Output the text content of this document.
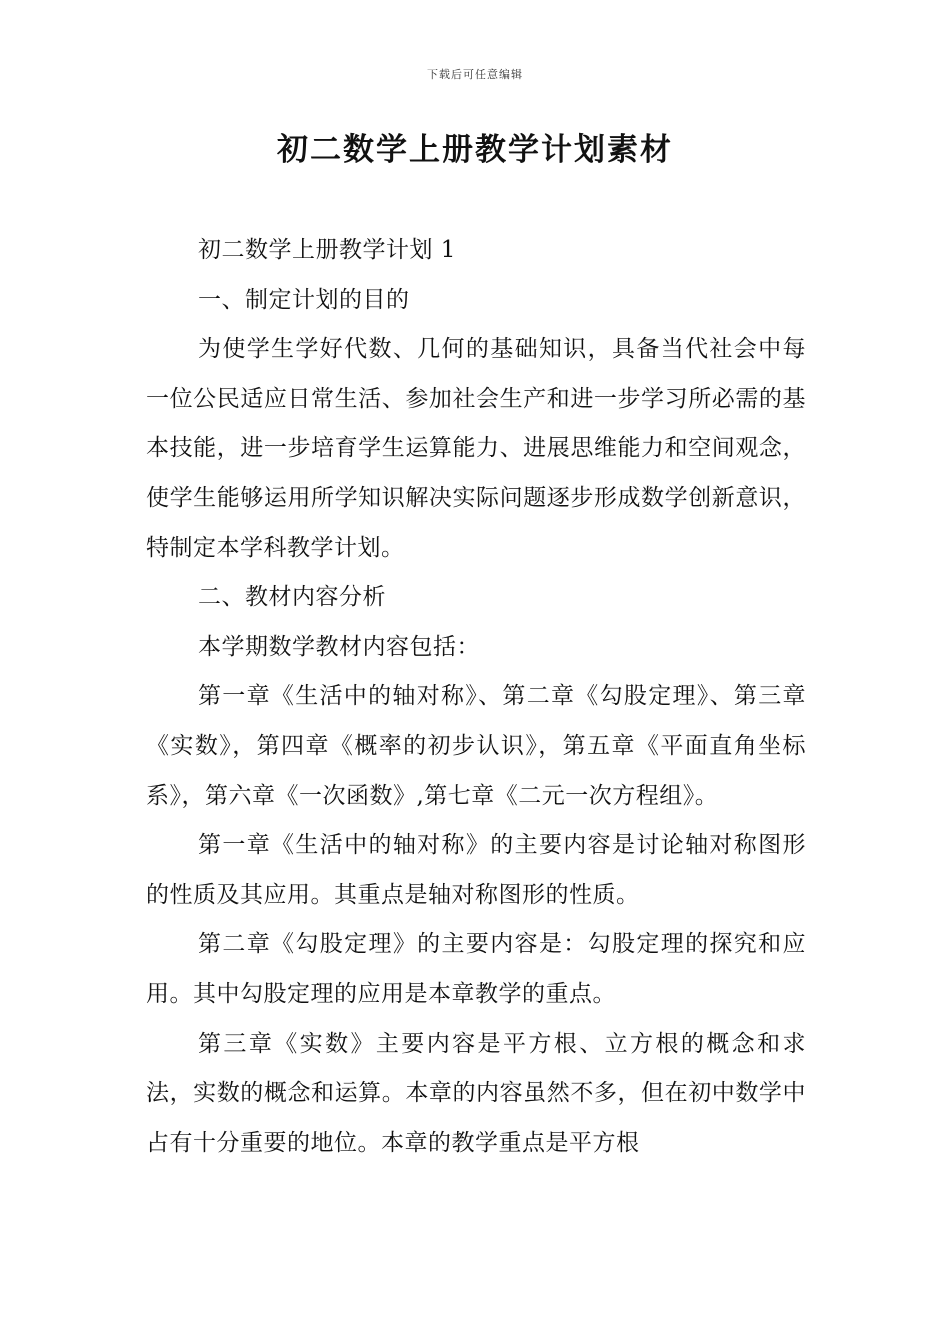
下载后可任意编辑
初二数学上册教学计划素材

初二数学上册教学计划 1

一、制定计划的目的

为使学生学好代数、几何的基础知识，具备当代社会中每一位公民适应日常生活、参加社会生产和进一步学习所必需的基本技能，进一步培育学生运算能力、进展思维能力和空间观念，使学生能够运用所学知识解决实际问题逐步形成数学创新意识，特制定本学科教学计划。

二、教材内容分析

本学期数学教材内容包括：

第一章《生活中的轴对称》、第二章《勾股定理》、第三章《实数》，第四章《概率的初步认识》，第五章《平面直角坐标系》，第六章《一次函数》,第七章《二元一次方程组》。

第一章《生活中的轴对称》的主要内容是讨论轴对称图形的性质及其应用。其重点是轴对称图形的性质。

第二章《勾股定理》的主要内容是：勾股定理的探究和应用。其中勾股定理的应用是本章教学的重点。

第三章《实数》主要内容是平方根、立方根的概念和求法，实数的概念和运算。本章的内容虽然不多，但在初中数学中占有十分重要的地位。本章的教学重点是平方根
